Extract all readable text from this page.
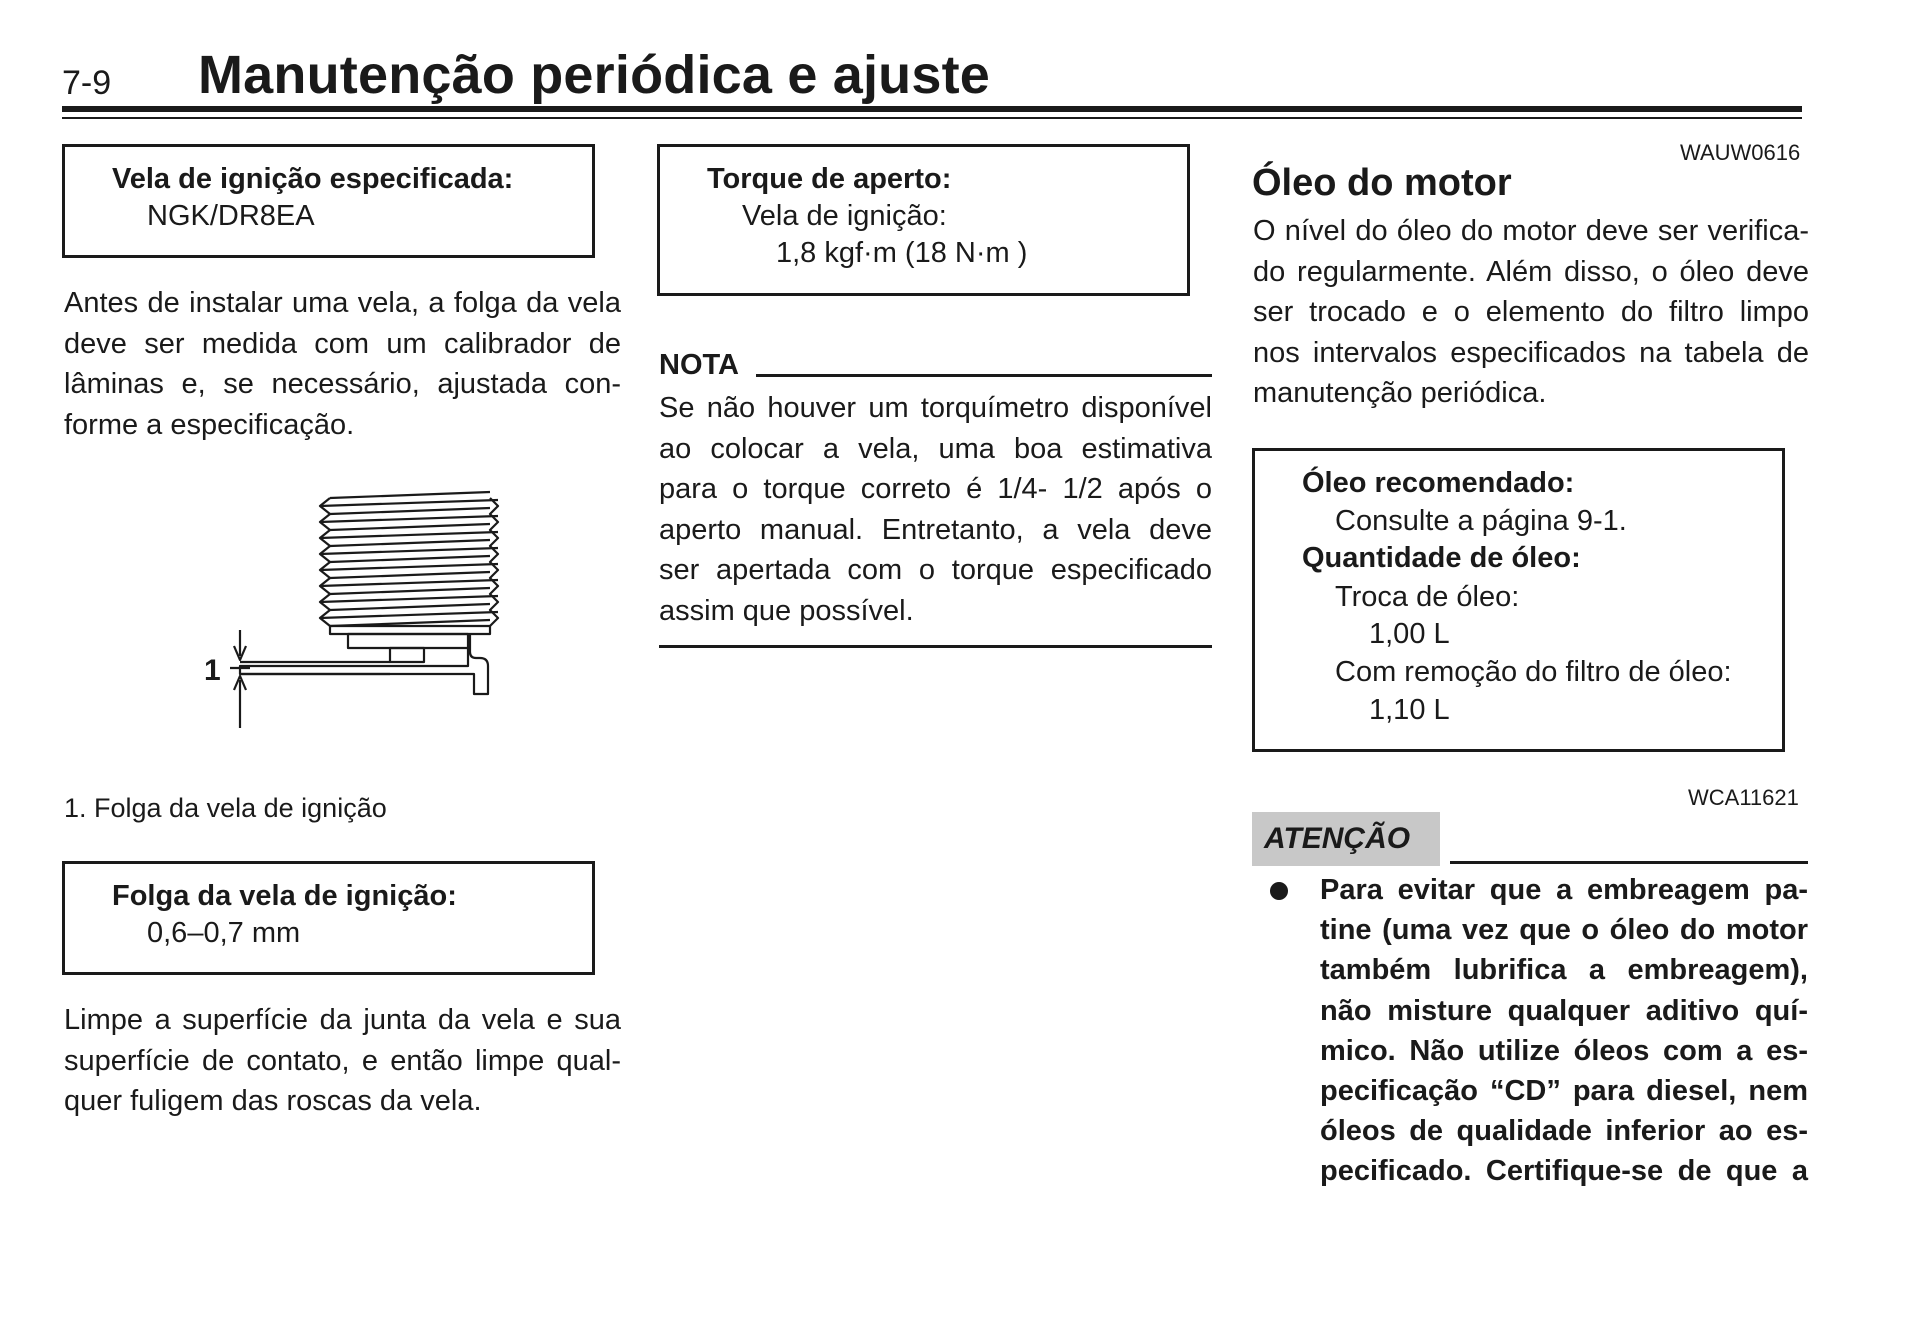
7-9 Manutenção periódica e ajuste
Vela de ignição especificada:
NGK/DR8EA
Antes de instalar uma vela, a folga da vela
deve ser medida com um calibrador de
lâminas e, se necessário, ajustada con-
forme a especificação.
1
1. Folga da vela de ignição
Folga da vela de ignição:
0,6–0,7 mm
Limpe a superfície da junta da vela e sua
superfície de contato, e então limpe qual-
quer fuligem das roscas da vela.
Torque de aperto:
Vela de ignição:
1,8 kgf·m (18 N·m )
NOTA
Se não houver um torquímetro disponível
ao colocar a vela, uma boa estimativa
para o torque correto é 1/4- 1/2 após o
aperto manual. Entretanto, a vela deve
ser apertada com o torque especificado
assim que possível.
WAUW0616
Óleo do motor
O nível do óleo do motor deve ser verifica-
do regularmente. Além disso, o óleo deve
ser trocado e o elemento do filtro limpo
nos intervalos especificados na tabela de
manutenção periódica.
Óleo recomendado:
Consulte a página 9-1.
Quantidade de óleo:
Troca de óleo:
1,00 L
Com remoção do filtro de óleo:
1,10 L
WCA11621
ATENÇÃO
Para evitar que a embreagem pa-
tine (uma vez que o óleo do motor
também lubrifica a embreagem),
não misture qualquer aditivo quí-
mico. Não utilize óleos com a es-
pecificação “CD” para diesel, nem
óleos de qualidade inferior ao es-
pecificado. Certifique-se de que a
